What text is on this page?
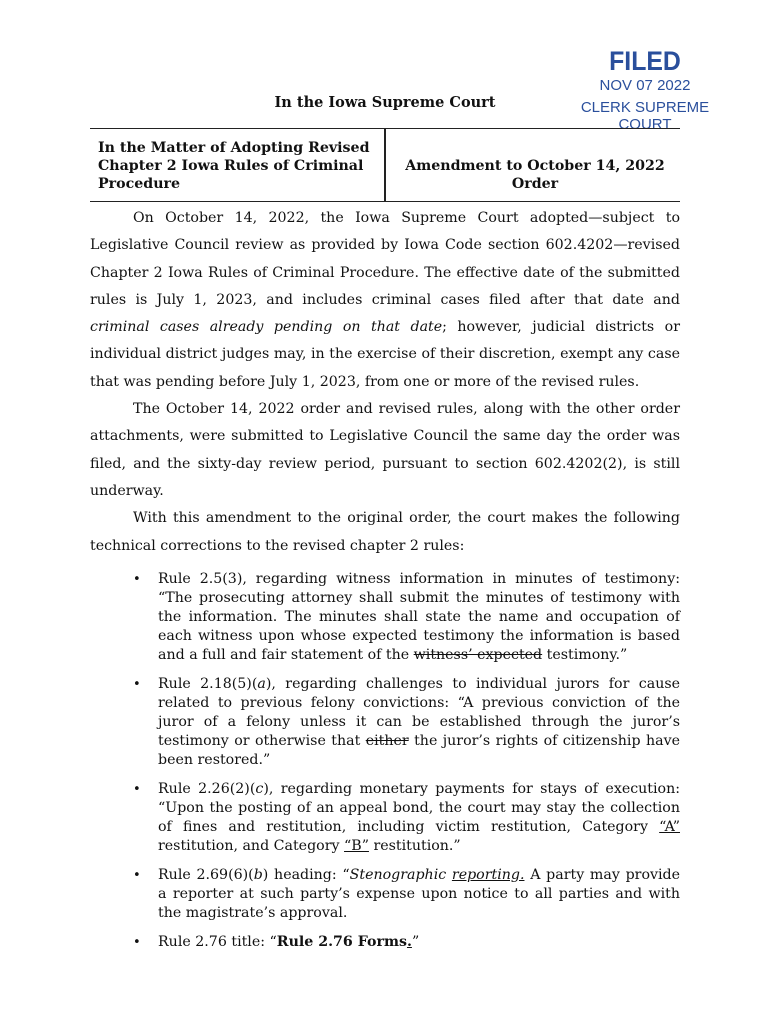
FILED
NOV 07 2022
CLERK SUPREME COURT
In the Iowa Supreme Court
In the Matter of Adopting Revised
Chapter 2 Iowa Rules of Criminal
Procedure
Amendment to October 14, 2022
Order

On October 14, 2022, the Iowa Supreme Court adopted—subject to Legislative Council review as provided by Iowa Code section 602.4202—revised Chapter 2 Iowa Rules of Criminal Procedure. The effective date of the submitted rules is July 1, 2023, and includes criminal cases filed after that date and criminal cases already pending on that date; however, judicial districts or individual district judges may, in the exercise of their discretion, exempt any case that was pending before July 1, 2023, from one or more of the revised rules.

The October 14, 2022 order and revised rules, along with the other order attachments, were submitted to Legislative Council the same day the order was filed, and the sixty-day review period, pursuant to section 602.4202(2), is still underway.

With this amendment to the original order, the court makes the following technical corrections to the revised chapter 2 rules:

• Rule 2.5(3), regarding witness information in minutes of testimony: “The prosecuting attorney shall submit the minutes of testimony with the information. The minutes shall state the name and occupation of each witness upon whose expected testimony the information is based and a full and fair statement of the witness’ expected testimony.”
• Rule 2.18(5)(a), regarding challenges to individual jurors for cause related to previous felony convictions: “A previous conviction of the juror of a felony unless it can be established through the juror’s testimony or otherwise that either the juror’s rights of citizenship have been restored.”
• Rule 2.26(2)(c), regarding monetary payments for stays of execution: “Upon the posting of an appeal bond, the court may stay the collection of fines and restitution, including victim restitution, Category “A” restitution, and Category “B” restitution.”
• Rule 2.69(6)(b) heading: “Stenographic reporting. A party may provide a reporter at such party’s expense upon notice to all parties and with the magistrate’s approval.
• Rule 2.76 title: “Rule 2.76 Forms.”
